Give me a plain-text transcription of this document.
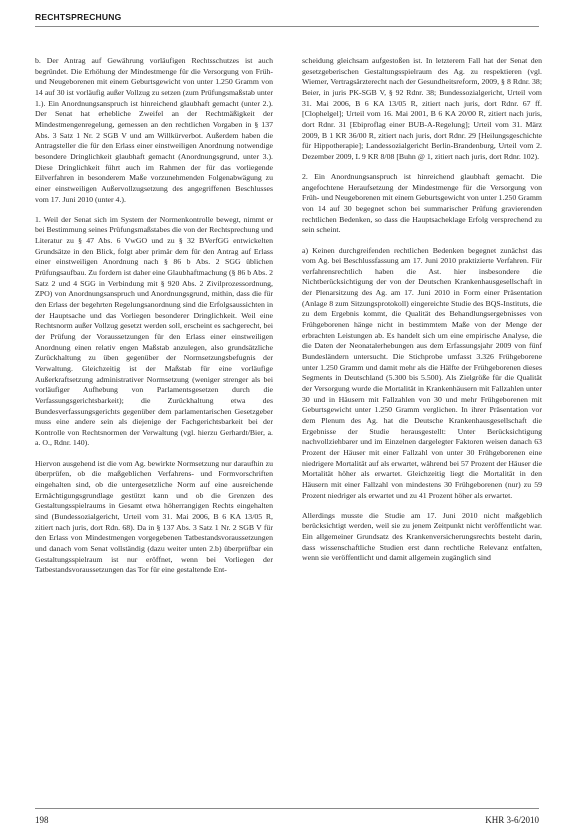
RECHTSPRECHUNG

b. Der Antrag auf Gewährung vorläufigen Rechtsschutzes ist auch begründet. Die Erhöhung der Mindestmenge für die Versorgung von Früh- und Neugeborenen mit einem Geburtsgewicht von unter 1.250 Gramm von 14 auf 30 ist vorläufig außer Vollzug zu setzen (zum Prüfungsmaßstab unter 1.). Ein Anordnungsanspruch ist hinreichend glaubhaft gemacht (unter 2.). Der Senat hat erhebliche Zweifel an der Rechtmäßigkeit der Mindestmengenregelung, gemessen an den rechtlichen Vorgaben in § 137 Abs. 3 Satz 1 Nr. 2 SGB V und am Willkürverbot. Außerdem haben die Antragsteller die für den Erlass einer einstweiligen Anordnung notwendige besondere Dringlichkeit glaubhaft gemacht (Anordnungsgrund, unter 3.). Diese Dringlichkeit führt auch im Rahmen der für das vorliegende Eilverfahren in besonderem Maße vorzunehmenden Folgenabwägung zu einer einstweiligen Außervollzugsetzung des angegriffenen Beschlusses vom 17. Juni 2010 (unter 4.).

1. Weil der Senat sich im System der Normenkontrolle bewegt, nimmt er bei Bestimmung seines Prüfungsmaßstabes die von der Rechtsprechung und Literatur zu § 47 Abs. 6 VwGO und zu § 32 BVerfGG entwickelten Grundsätze in den Blick, folgt aber primär dem für den Antrag auf Erlass einer einstweiligen Anordnung nach § 86 b Abs. 2 SGG üblichen Prüfungsaufbau. Zu fordern ist daher eine Glaubhaftmachung (§ 86 b Abs. 2 Satz 2 und 4 SGG in Verbindung mit § 920 Abs. 2 Zivilprozessordnung, ZPO) von Anordnungsanspruch und Anordnungsgrund, mithin, dass die für den Erlass der begehrten Regelungsanordnung sind die Erfolgsaussichten in der Hauptsache und das Vorliegen besonderer Dringlichkeit. Weil eine Rechtsnorm außer Vollzug gesetzt werden soll, erscheint es sachgerecht, bei der Prüfung der Voraussetzungen für den Erlass einer einstweiligen Anordnung einen relativ engen Maßstab anzulegen, also grundsätzliche Zurückhaltung zu üben gegenüber der Normsetzungsbefugnis der Verwaltung. Gleichzeitig ist der Maßstab für eine vorläufige Außerkraftsetzung administrativer Normsetzung (weniger strenger als bei vorläufiger Aufhebung von Parlamentsgesetzen durch die Verfassungsgerichtsbarkeit); die Zurückhaltung etwa des Bundesverfassungsgerichts gegenüber dem parlamentarischen Gesetzgeber muss eine andere sein als diejenige der Fachgerichtsbarkeit bei der Kontrolle von Rechtsnormen der Verwaltung (vgl. hierzu Gerhardt/Bier, a. a. O., Rdnr. 140).

Hiervon ausgehend ist die vom Ag. bewirkte Normsetzung nur daraufhin zu überprüfen, ob die maßgeblichen Verfahrens- und Formvorschriften eingehalten sind, ob die untergesetzliche Norm auf eine ausreichende Ermächtigungsgrundlage gestützt kann und ob die Grenzen des Gestaltungsspielraums in Gesamt etwa höherrangigen Rechts eingehalten sind (Bundessozialgericht, Urteil vom 31. Mai 2006, B 6 KA 13/05 R, zitiert nach juris, dort Rdn. 68). Da in § 137 Abs. 3 Satz 1 Nr. 2 SGB V für den Erlass von Mindestmengen vorgegebenen Tatbestandsvoraussetzungen und danach vom Senat vollständig (dazu weiter unten 2.b) überprüfbar ein Gestaltungsspielraum ist nur eröffnet, wenn bei Vorliegen der Tatbestandsvoraussetzungen das Tor für eine gestaltende Ent-

scheidung gleichsam aufgestoßen ist. In letzterem Fall hat der Senat den gesetzgeberischen Gestaltungsspielraum des Ag. zu respektieren (vgl. Wiemer, Vertragsärzterecht nach der Gesundheitsreform, 2009, § 8 Rdnr. 38; Beier, in juris PK-SGB V, § 92 Rdnr. 38; Bundessozialgericht, Urteil vom 31. Mai 2006, B 6 KA 13/05 R, zitiert nach juris, dort Rdnr. 67 ff. [Clophelgel]; Urteil vom 16. Mai 2001, B 6 KA 20/00 R, zitiert nach juris, dort Rdnr. 31 [Ebiproflag einer BUB-A-Regelung]; Urteil vom 31. März 2009, B 1 KR 36/00 R, zitiert nach juris, dort Rdnr. 29 [Heilungsgeschichte für Hippotherapie]; Landessozialgericht Berlin-Brandenburg, Urteil vom 2. Dezember 2009, L 9 KR 8/08 [Buhn @ 1, zitiert nach juris, dort Rdnr. 102).

2. Ein Anordnungsanspruch ist hinreichend glaubhaft gemacht. Die angefochtene Heraufsetzung der Mindestmenge für die Versorgung von Früh- und Neugeborenen mit einem Geburtsgewicht von unter 1.250 Gramm von 14 auf 30 begegnet schon bei summarischer Prüfung gravierenden rechtlichen Bedenken, so dass die Hauptsacheklage Erfolg versprechend zu sein scheint.

a) Keinen durchgreifenden rechtlichen Bedenken begegnet zunächst das vom Ag. bei Beschlussfassung am 17. Juni 2010 praktizierte Verfahren. Für verfahrensrechtlich haben die Ast. hier insbesondere die Nichtberücksichtigung der von der Deutschen Krankenhausgesellschaft in der Plenarsitzung des Ag. am 17. Juni 2010 in Form einer Präsentation (Anlage 8 zum Sitzungsprotokoll) eingereichte Studie des BQS-Instituts, die zu dem Ergebnis kommt, die Qualität des Behandlungsergebnisses von Frühgeborenen hänge nicht in bestimmtem Maße von der Menge der erbrachten Leistungen ab. Es handelt sich um eine empirische Analyse, die die Daten der Neonatalerhebungen aus dem Erfassungsjahr 2009 von fünf Bundesländern untersucht. Die Stichprobe umfasst 3.326 Frühgeborene unter 1.250 Gramm und damit mehr als die Hälfte der Frühgeborenen dieses Segments in Deutschland (5.300 bis 5.500). Als Zielgröße für die Qualität der Versorgung wurde die Mortalität in Krankenhäusern mit Fallzahlen unter 30 und in Häusern mit Fallzahlen von 30 und mehr Frühgeborenen mit Geburtsgewicht unter 1.250 Gramm verglichen. In ihrer Präsentation vor dem Plenum des Ag. hat die Deutsche Krankenhausgesellschaft die Ergebnisse der Studie herausgestellt: Unter Berücksichtigung nachvollziehbarer und im Einzelnen dargelegter Faktoren weisen danach 63 Prozent der Häuser mit einer Fallzahl von unter 30 Frühgeborenen eine niedrigere Mortalität auf als erwartet, während bei 57 Prozent der Häuser die Mortalität höher als erwartet. Gleichzeitig liegt die Mortalität in den Häusern mit einer Fallzahl von mindestens 30 Frühgeborenen (nur) zu 59 Prozent niedriger als erwartet und zu 41 Prozent höher als erwartet.

Allerdings musste die Studie am 17. Juni 2010 nicht maßgeblich berücksichtigt werden, weil sie zu jenem Zeitpunkt nicht veröffentlicht war. Ein allgemeiner Grundsatz des Krankenversicherungsrechts besteht darin, dass wissenschaftliche Studien erst dann rechtliche Relevanz entfalten, wenn sie veröffentlicht und damit allgemein zugänglich sind

198	KHR 3-6/2010
